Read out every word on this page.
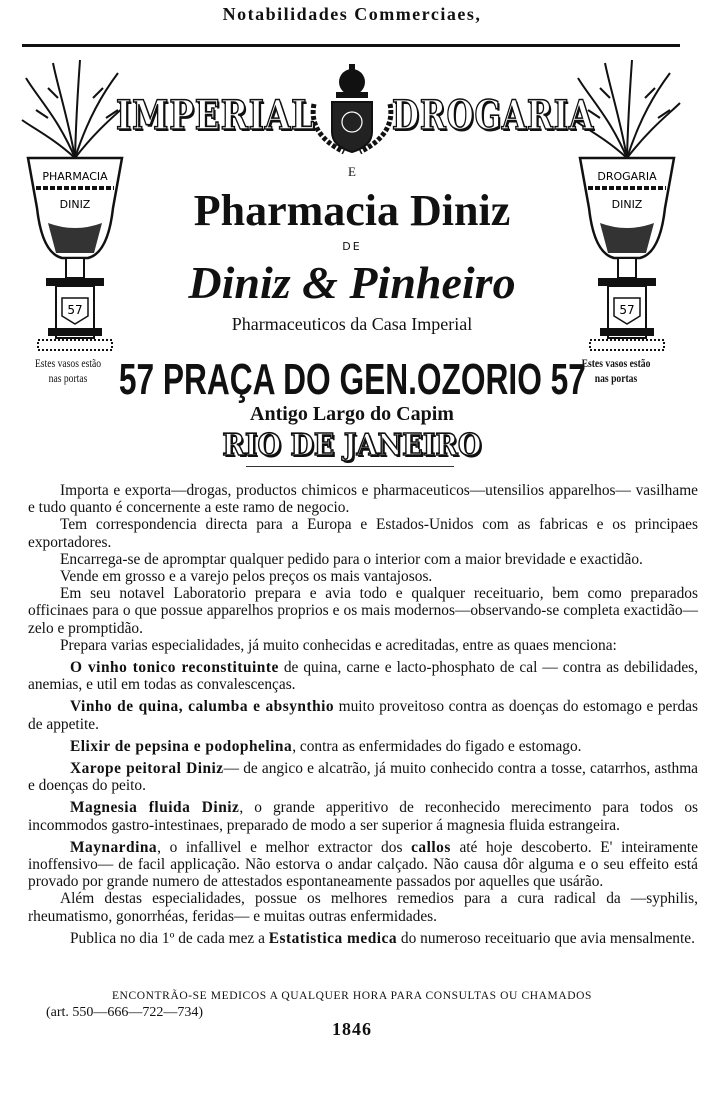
Notabilidades Commerciaes,
PHARMACIA
DINIZ
57
DROGARIA
DINIZ
57
IMPERIAL DROGARIA
E
Pharmacia Diniz
DE
Diniz & Pinheiro
Pharmaceuticos da Casa Imperial
Estes vasos estão
nas portas
Estes vasos estão
nas portas
57 PRAÇA DO GEN.OZORIO 57
Antigo Largo do Capim
RIO DE JANEIRO

Importa e exporta—drogas, productos chimicos e pharmaceuticos—utensilios apparelhos— vasilhame e tudo quanto é concernente a este ramo de negocio.

Tem correspondencia directa para a Europa e Estados-Unidos com as fabricas e os principaes exportadores.

Encarrega-se de apromptar qualquer pedido para o interior com a maior brevidade e exactidão.

Vende em grosso e a varejo pelos preços os mais vantajosos.

Em seu notavel Laboratorio prepara e avia todo e qualquer receituario, bem como preparados officinaes para o que possue apparelhos proprios e os mais modernos—observando-se completa exactidão— zelo e promptidão.

Prepara varias especialidades, já muito conhecidas e acreditadas, entre as quaes menciona:

O vinho tonico reconstituinte de quina, carne e lacto-phosphato de cal — contra as debilidades, anemias, e util em todas as convalescenças.

Vinho de quina, calumba e absynthio muito proveitoso contra as doenças do estomago e perdas de appetite.

Elixir de pepsina e podophelina, contra as enfermidades do figado e estomago.

Xarope peitoral Diniz— de angico e alcatrão, já muito conhecido contra a tosse, catarrhos, asthma e doenças do peito.

Magnesia fluida Diniz, o grande apperitivo de reconhecido merecimento para todos os incommodos gastro-intestinaes, preparado de modo a ser superior á magnesia fluida estrangeira.

Maynardina, o infallivel e melhor extractor dos callos até hoje descoberto. E' inteiramente inoffensivo— de facil applicação. Não estorva o andar calçado. Não causa dôr alguma e o seu effeito está provado por grande numero de attestados espontaneamente passados por aquelles que usárão.

Além destas especialidades, possue os melhores remedios para a cura radical da —syphilis, rheumatismo, gonorrhéas, feridas— e muitas outras enfermidades.

Publica no dia 1º de cada mez a Estatistica medica do numeroso receituario que avia mensalmente.

ENCONTRÃO-SE MEDICOS A QUALQUER HORA PARA CONSULTAS OU CHAMADOS
(art. 550—666—722—734)
1846
